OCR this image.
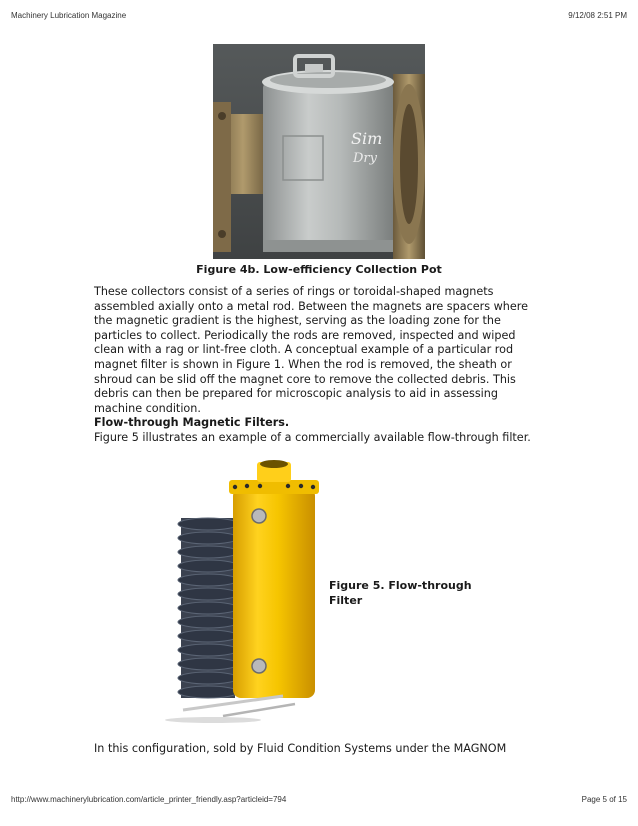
Machinery Lubrication Magazine	9/12/08 2:51 PM
Sim
Dry
Figure 4b. Low-efficiency Collection Pot
These collectors consist of a series of rings or toroidal-shaped magnets assembled axially onto a metal rod. Between the magnets are spacers where the magnetic gradient is the highest, serving as the loading zone for the particles to collect. Periodically the rods are removed, inspected and wiped clean with a rag or lint-free cloth. A conceptual example of a particular rod magnet filter is shown in Figure 1. When the rod is removed, the sheath or shroud can be slid off the magnet core to remove the collected debris. This debris can then be prepared for microscopic analysis to aid in assessing machine condition.
Flow-through Magnetic Filters.
Figure 5 illustrates an example of a commercially available flow-through filter.
Figure 5. Flow-through Filter
In this configuration, sold by Fluid Condition Systems under the MAGNOM
http://www.machinerylubrication.com/article_printer_friendly.asp?articleid=794	Page 5 of 15
